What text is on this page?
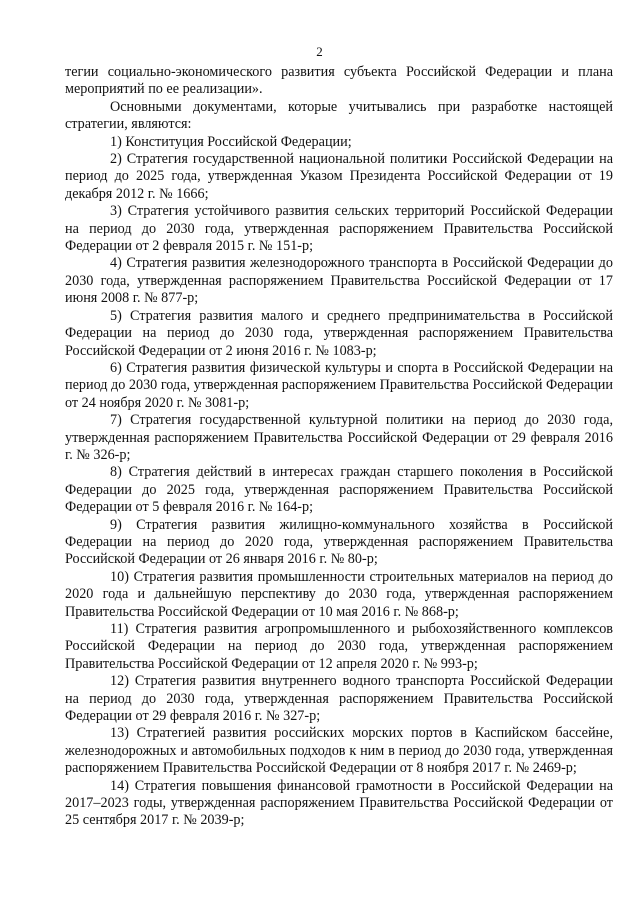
2

тегии социально-экономического развития субъекта Российской Федерации и плана мероприятий по ее реализации».

Основными документами, которые учитывались при разработке настоящей стратегии, являются:

1) Конституция Российской Федерации;

2) Стратегия государственной национальной политики Российской Федерации на период до 2025 года, утвержденная Указом Президента Российской Федерации от 19 декабря 2012 г. № 1666;

3) Стратегия устойчивого развития сельских территорий Российской Федерации на период до 2030 года, утвержденная распоряжением Правительства Российской Федерации от 2 февраля 2015 г. № 151-р;

4) Стратегия развития железнодорожного транспорта в Российской Федерации до 2030 года, утвержденная распоряжением Правительства Российской Федерации от 17 июня 2008 г. № 877-р;

5) Стратегия развития малого и среднего предпринимательства в Российской Федерации на период до 2030 года, утвержденная распоряжением Правительства Российской Федерации от 2 июня 2016 г. № 1083-р;

6) Стратегия развития физической культуры и спорта в Российской Федерации на период до 2030 года, утвержденная распоряжением Правительства Российской Федерации от 24 ноября 2020 г. № 3081-р;

7) Стратегия государственной культурной политики на период до 2030 года, утвержденная распоряжением Правительства Российской Федерации от 29 февраля 2016 г. № 326-р;

8) Стратегия действий в интересах граждан старшего поколения в Российской Федерации до 2025 года, утвержденная распоряжением Правительства Российской Федерации от 5 февраля 2016 г. № 164-р;

9) Стратегия развития жилищно-коммунального хозяйства в Российской Федерации на период до 2020 года, утвержденная распоряжением Правительства Российской Федерации от 26 января 2016 г. № 80-р;

10) Стратегия развития промышленности строительных материалов на период до 2020 года и дальнейшую перспективу до 2030 года, утвержденная распоряжением Правительства Российской Федерации от 10 мая 2016 г. № 868-р;

11) Стратегия развития агропромышленного и рыбохозяйственного комплексов Российской Федерации на период до 2030 года, утвержденная распоряжением Правительства Российской Федерации от 12 апреля 2020 г. № 993-р;

12) Стратегия развития внутреннего водного транспорта Российской Федерации на период до 2030 года, утвержденная распоряжением Правительства Российской Федерации от 29 февраля 2016 г. № 327-р;

13) Стратегией развития российских морских портов в Каспийском бассейне, железнодорожных и автомобильных подходов к ним в период до 2030 года, утвержденная распоряжением Правительства Российской Федерации от 8 ноября 2017 г. № 2469-р;

14) Стратегия повышения финансовой грамотности в Российской Федерации на 2017–2023 годы, утвержденная распоряжением Правительства Российской Федерации от 25 сентября 2017 г. № 2039-р;
